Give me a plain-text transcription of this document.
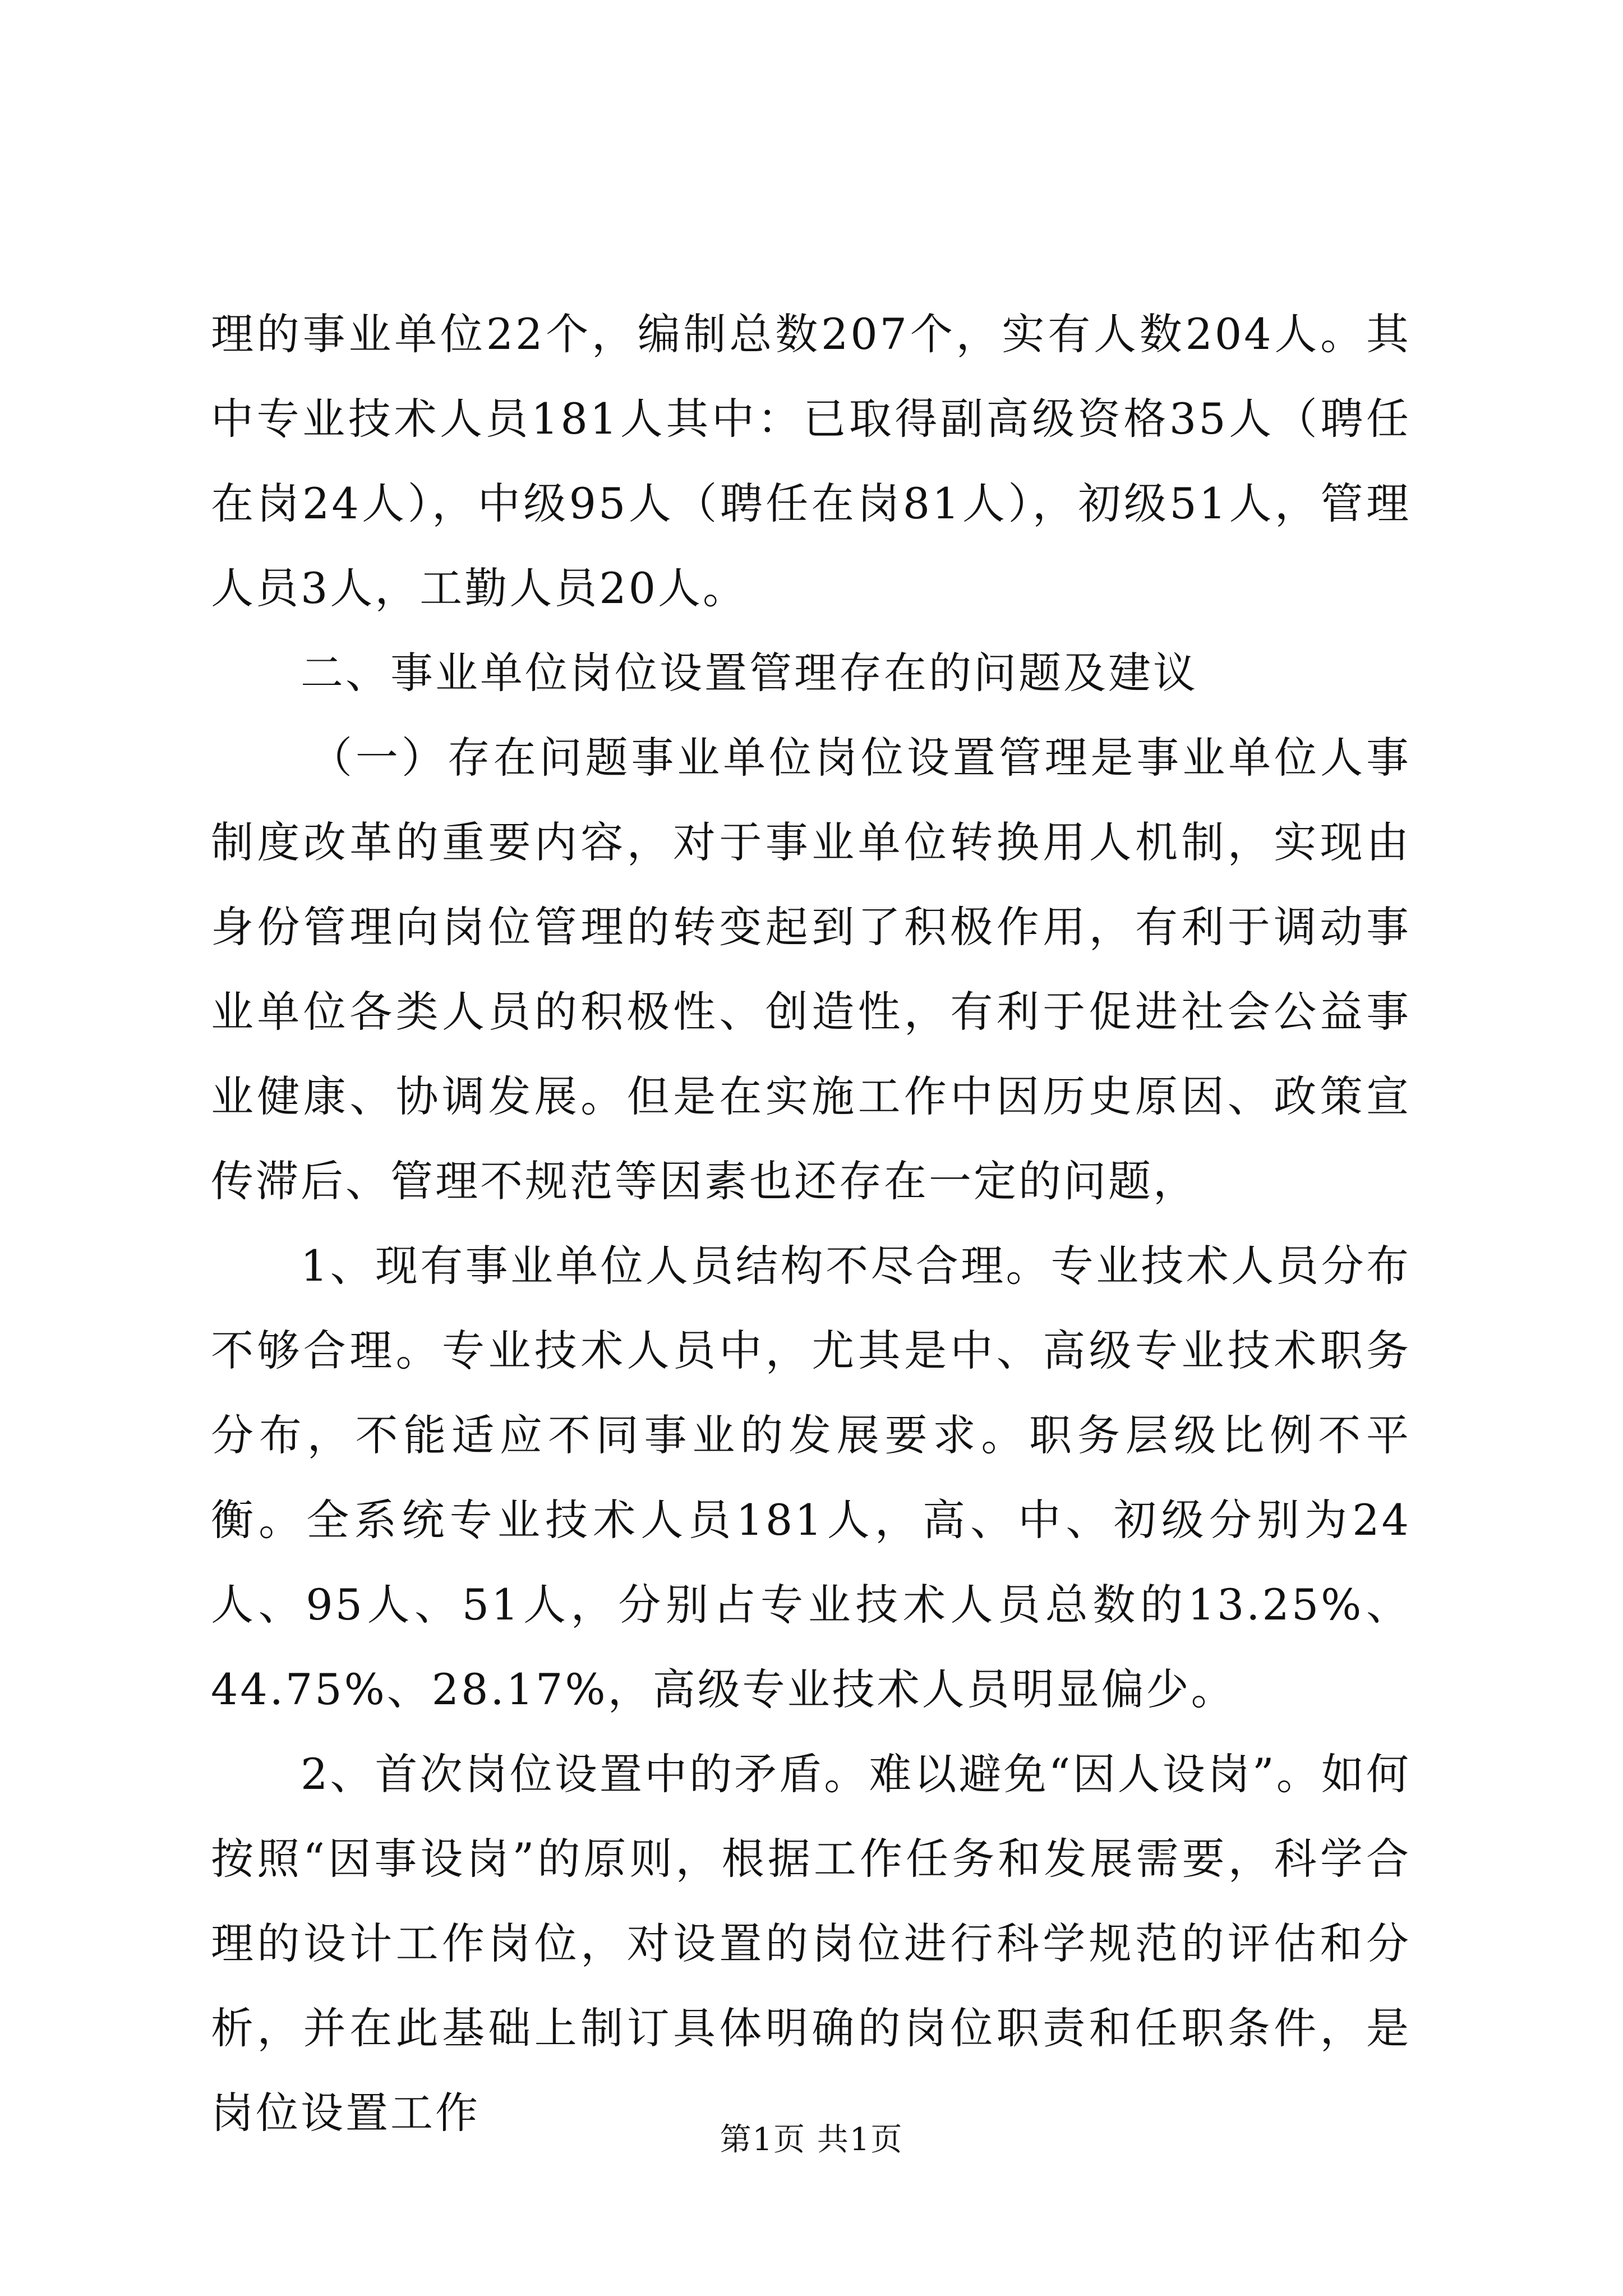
理的事业单位22个，编制总数207个，实有人数204人。其中专业技术人员181人其中：已取得副高级资格35人（聘任在岗24人），中级95人（聘任在岗81人），初级51人，管理人员3人，工勤人员20人。

二、事业单位岗位设置管理存在的问题及建议

（一）存在问题事业单位岗位设置管理是事业单位人事制度改革的重要内容，对于事业单位转换用人机制，实现由身份管理向岗位管理的转变起到了积极作用，有利于调动事业单位各类人员的积极性、创造性，有利于促进社会公益事业健康、协调发展。但是在实施工作中因历史原因、政策宣传滞后、管理不规范等因素也还存在一定的问题，

1、现有事业单位人员结构不尽合理。专业技术人员分布不够合理。专业技术人员中，尤其是中、高级专业技术职务分布，不能适应不同事业的发展要求。职务层级比例不平衡。全系统专业技术人员181人，高、中、初级分别为24人、95人、51人，分别占专业技术人员总数的13.25%、44.75%、28.17%，高级专业技术人员明显偏少。

2、首次岗位设置中的矛盾。难以避免“因人设岗”。如何按照“因事设岗”的原则，根据工作任务和发展需要，科学合理的设计工作岗位，对设置的岗位进行科学规范的评估和分析，并在此基础上制订具体明确的岗位职责和任职条件，是岗位设置工作

第1页 共1页
